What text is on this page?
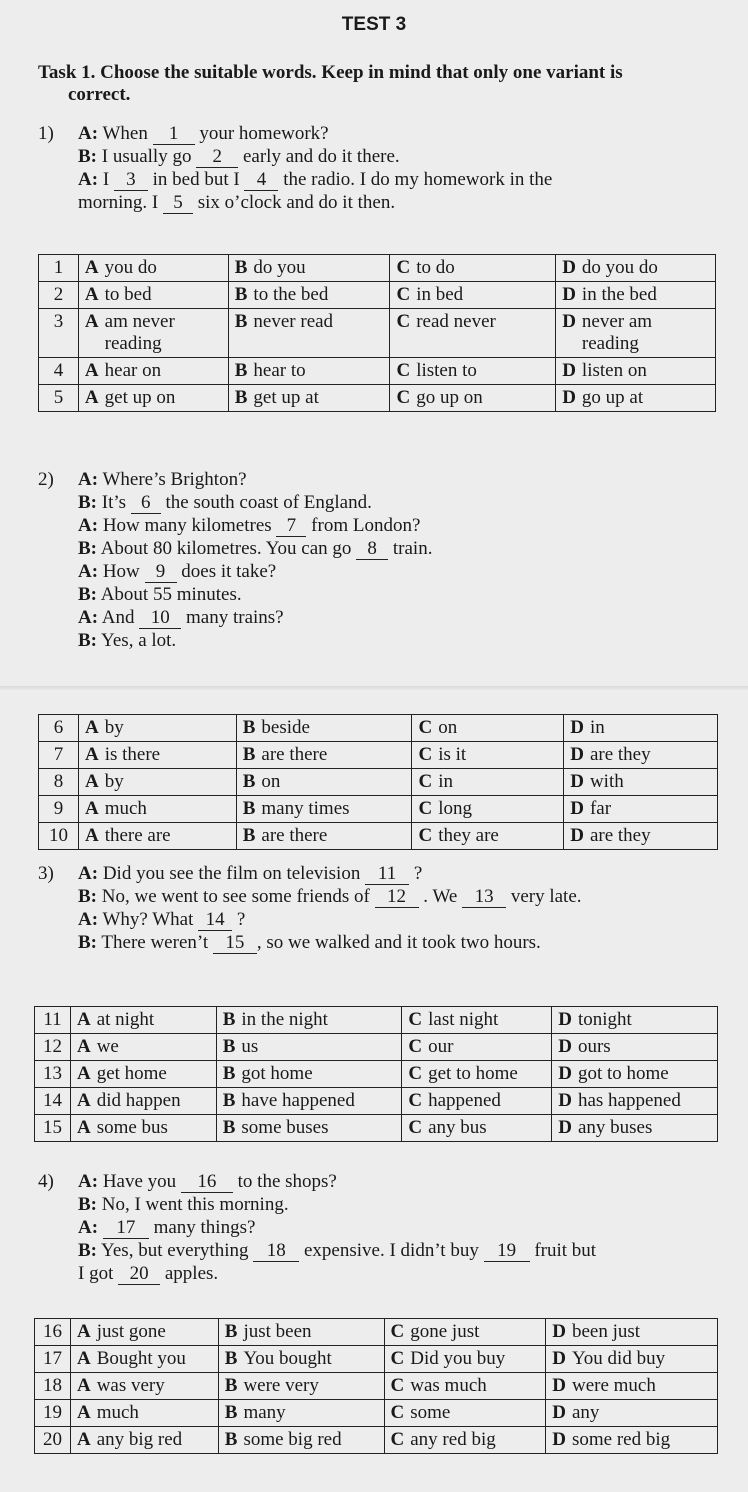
TEST 3
Task 1. Choose the suitable words. Keep in mind that only one variant is
correct.
1)	A: When 1 your homework?
B: I usually go 2 early and do it there.
A: I 3 in bed but I 4 the radio. I do my homework in the
morning. I 5 six o’clock and do it then.
1	A you do	B do you	C to do	D do you do

2	A to bed	B to the bed	C in bed	D in the bed

3	A am never reading	B never read	C read never	D never am reading

4	A hear on	B hear to	C listen to	D listen on

5	A get up on	B get up at	C go up on	D go up at
2)	A: Where’s Brighton?
B: It’s 6 the south coast of England.
A: How many kilometres 7 from London?
B: About 80 kilometres. You can go 8 train.
A: How 9 does it take?
B: About 55 minutes.
A: And 10 many trains?
B: Yes, a lot.
6	A by	B beside	C on	D in

7	A is there	B are there	C is it	D are they

8	A by	B on	C in	D with

9	A much	B many times	C long	D far

10	A there are	B are there	C they are	D are they
3)	A: Did you see the film on television 11 ?
B: No, we went to see some friends of 12 . We 13 very late.
A: Why? What 14 ?
B: There weren’t 15 , so we walked and it took two hours.
11	A at night	B in the night	C last night	D tonight

12	A we	B us	C our	D ours

13	A get home	B got home	C get to home	D got to home

14	A did happen	B have happened	C happened	D has happened

15	A some bus	B some buses	C any bus	D any buses
4)	A: Have you 16 to the shops?
B: No, I went this morning.
A: 17 many things?
B: Yes, but everything 18 expensive. I didn’t buy 19 fruit but
I got 20 apples.
16	A just gone	B just been	C gone just	D been just

17	A Bought you	B You bought	C Did you buy	D You did buy

18	A was very	B were very	C was much	D were much

19	A much	B many	C some	D any

20	A any big red	B some big red	C any red big	D some red big
